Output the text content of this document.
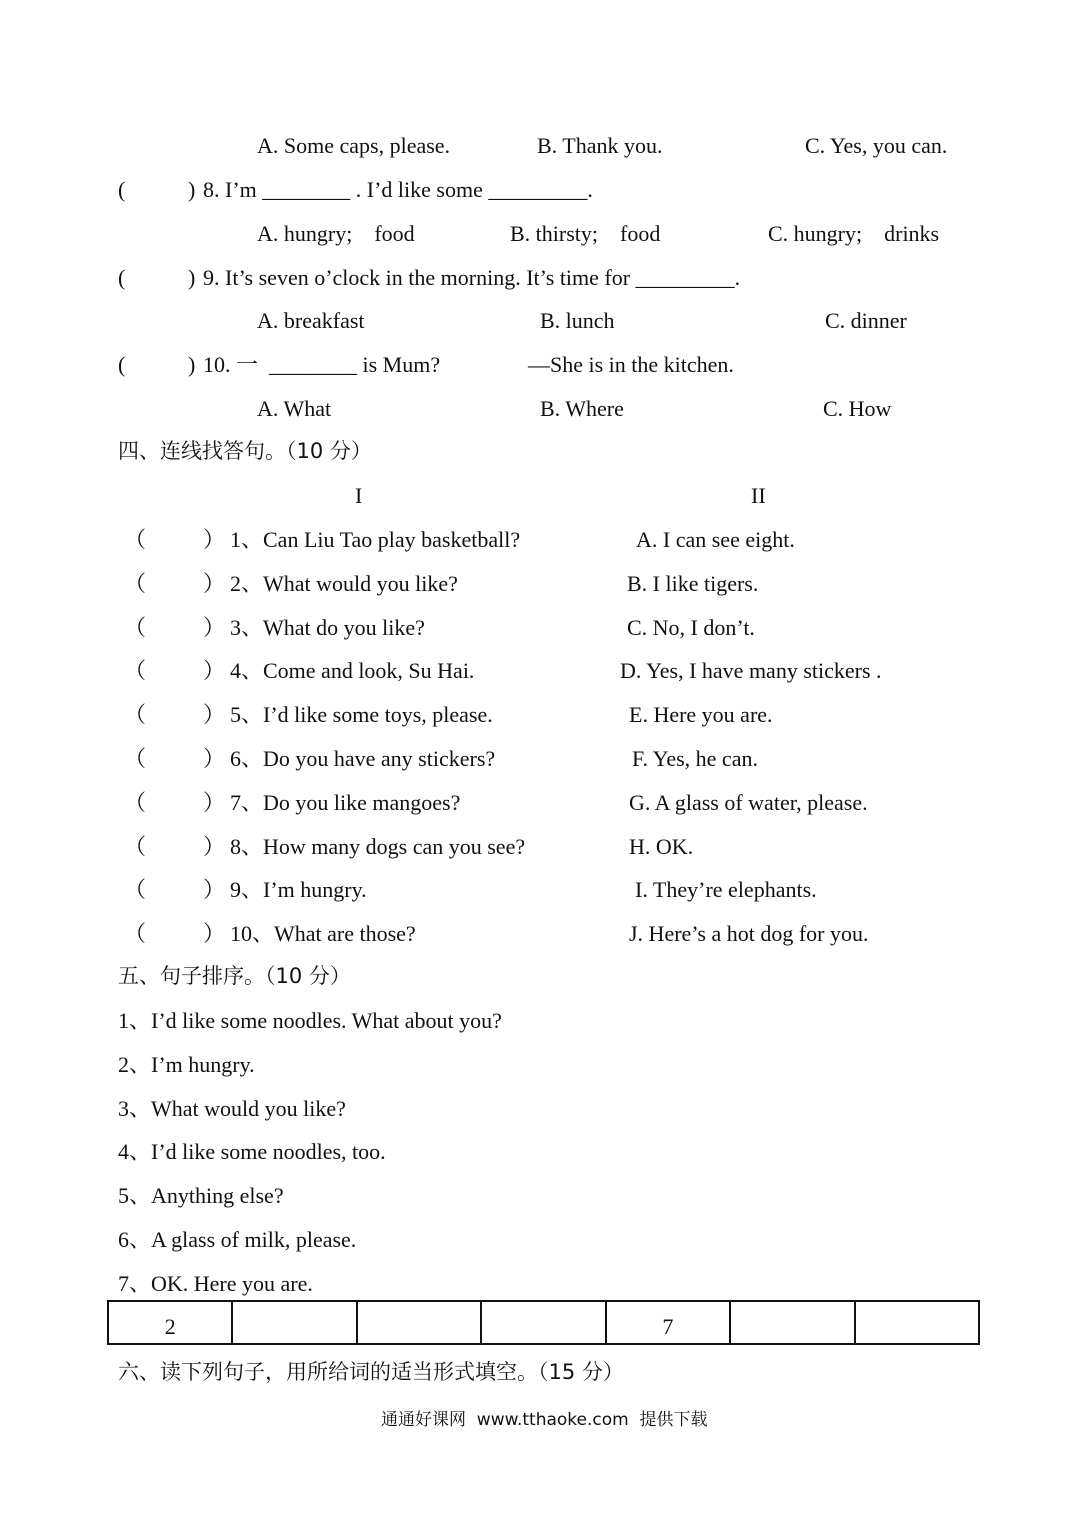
A. Some caps, please.	B. Thank you.	C. Yes, you can.
(	) 8. I’m ________ . I’d like some _________.
A. hungry;    food	B. thirsty;    food	C. hungry;    drinks
(	) 9. It’s seven o’clock in the morning. It’s time for _________.
A. breakfast	B. lunch	C. dinner
(	) 10. 一  ________ is Mum?	—She is in the kitchen.
A. What	B. Where	C. How
四、连线找答句。（10 分）
I	II
（	） 1、Can Liu Tao play basketball?	A. I can see eight.
（	） 2、What would you like?	B. I like tigers.
（	） 3、What do you like?	C. No, I don’t.
（	） 4、Come and look, Su Hai.	D. Yes, I have many stickers .
（	） 5、I’d like some toys, please.	E. Here you are.
（	） 6、Do you have any stickers?	F. Yes, he can.
（	） 7、Do you like mangoes?	G. A glass of water, please.
（	） 8、How many dogs can you see?	H. OK.
（	） 9、I’m hungry.	I. They’re elephants.
（	） 10、What are those?	J. Here’s a hot dog for you.
五、句子排序。（10 分）
1、I’d like some noodles. What about you?
2、I’m hungry.
3、What would you like?
4、I’d like some noodles, too.
5、Anything else?
6、A glass of milk, please.
7、OK. Here you are.
2				7		
六、读下列句子，用所给词的适当形式填空。（15 分）
通通好课网  www.tthaoke.com  提供下载
